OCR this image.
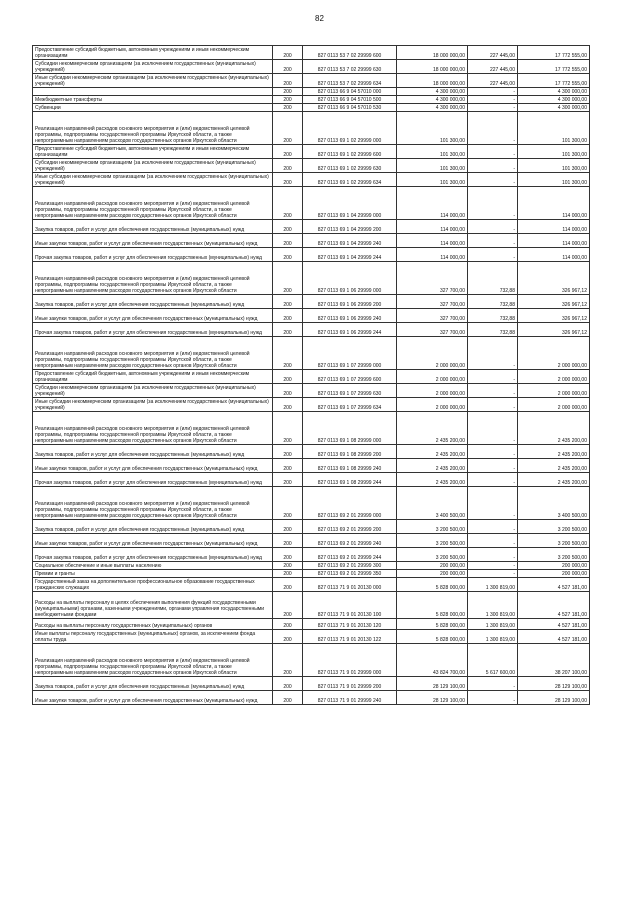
82
Предоставление субсидий бюджетным, автономным учреждениям и иным некоммерческим организациям	200	827 0113 53 7 02 29999 600	18 000 000,00	227 445,00	17 772 555,00
Субсидии некоммерческим организациям (за исключением государственных (муниципальных) учреждений)	200	827 0113 53 7 02 29999 630	18 000 000,00	227 445,00	17 772 555,00
Иные субсидии некоммерческим организациям (за исключением государственных (муниципальных) учреждений)	200	827 0113 53 7 02 29999 634	18 000 000,00	227 445,00	17 772 555,00
	200	827 0113 66 9 04 57010 000	4 300 000,00	-	4 300 000,00
Межбюджетные трансферты	200	827 0113 66 9 04 57010 500	4 300 000,00	-	4 300 000,00
Субвенции	200	827 0113 66 9 04 57010 530	4 300 000,00	-	4 300 000,00
Реализация направлений расходов основного мероприятия и (или) ведомственной целевой программы, подпрограммы государственной программы Иркутской области, а также непрограммным направлениям расходов государственных органов Иркутской области	200	827 0113 69 1 02 29999 000	101 300,00	-	101 300,00
Предоставление субсидий бюджетным, автономным учреждениям и иным некоммерческим организациям	200	827 0113 69 1 02 29999 600	101 300,00	-	101 300,00
Субсидии некоммерческим организациям (за исключением государственных (муниципальных) учреждений)	200	827 0113 69 1 02 29999 630	101 300,00	-	101 300,00
Иные субсидии некоммерческим организациям (за исключением государственных (муниципальных) учреждений)	200	827 0113 69 1 02 29999 634	101 300,00	-	101 300,00
Реализация направлений расходов основного мероприятия и (или) ведомственной целевой программы, подпрограммы государственной программы Иркутской области, а также непрограммным направлениям расходов государственных органов Иркутской области	200	827 0113 69 1 04 29999 000	114 000,00	-	114 000,00
Закупка товаров, работ и услуг для обеспечения государственных (муниципальных) нужд	200	827 0113 69 1 04 29999 200	114 000,00	-	114 000,00
Иные закупки товаров, работ и услуг для обеспечения государственных (муниципальных) нужд	200	827 0113 69 1 04 29999 240	114 000,00	-	114 000,00
Прочая закупка товаров, работ и услуг для обеспечения государственных (муниципальных) нужд	200	827 0113 69 1 04 29999 244	114 000,00	-	114 000,00
Реализация направлений расходов основного мероприятия и (или) ведомственной целевой программы, подпрограммы государственной программы Иркутской области, а также непрограммным направлениям расходов государственных органов Иркутской области	200	827 0113 69 1 06 29999 000	327 700,00	732,88	326 967,12
Закупка товаров, работ и услуг для обеспечения государственных (муниципальных) нужд	200	827 0113 69 1 06 29999 200	327 700,00	732,88	326 967,12
Иные закупки товаров, работ и услуг для обеспечения государственных (муниципальных) нужд	200	827 0113 69 1 06 29999 240	327 700,00	732,88	326 967,12
Прочая закупка товаров, работ и услуг для обеспечения государственных (муниципальных) нужд	200	827 0113 69 1 06 29999 244	327 700,00	732,88	326 967,12
Реализация направлений расходов основного мероприятия и (или) ведомственной целевой программы, подпрограммы государственной программы Иркутской области, а также непрограммным направлениям расходов государственных органов Иркутской области	200	827 0113 69 1 07 29999 000	2 000 000,00	-	2 000 000,00
Предоставление субсидий бюджетным, автономным учреждениям и иным некоммерческим организациям	200	827 0113 69 1 07 29999 600	2 000 000,00	-	2 000 000,00
Субсидии некоммерческим организациям (за исключением государственных (муниципальных) учреждений)	200	827 0113 69 1 07 29999 630	2 000 000,00	-	2 000 000,00
Иные субсидии некоммерческим организациям (за исключением государственных (муниципальных) учреждений)	200	827 0113 69 1 07 29999 634	2 000 000,00	-	2 000 000,00
Реализация направлений расходов основного мероприятия и (или) ведомственной целевой программы, подпрограммы государственной программы Иркутской области, а также непрограммным направлениям расходов государственных органов Иркутской области	200	827 0113 69 1 08 29999 000	2 435 200,00	-	2 435 200,00
Закупка товаров, работ и услуг для обеспечения государственных (муниципальных) нужд	200	827 0113 69 1 08 29999 200	2 435 200,00	-	2 435 200,00
Иные закупки товаров, работ и услуг для обеспечения государственных (муниципальных) нужд	200	827 0113 69 1 08 29999 240	2 435 200,00	-	2 435 200,00
Прочая закупка товаров, работ и услуг для обеспечения государственных (муниципальных) нужд	200	827 0113 69 1 08 29999 244	2 435 200,00	-	2 435 200,00
Реализация направлений расходов основного мероприятия и (или) ведомственной целевой программы, подпрограммы государственной программы Иркутской области, а также непрограммным направлениям расходов государственных органов Иркутской области	200	827 0113 69 2 01 29999 000	3 400 500,00	-	3 400 500,00
Закупка товаров, работ и услуг для обеспечения государственных (муниципальных) нужд	200	827 0113 69 2 01 29999 200	3 200 500,00	-	3 200 500,00
Иные закупки товаров, работ и услуг для обеспечения государственных (муниципальных) нужд	200	827 0113 69 2 01 29999 240	3 200 500,00	-	3 200 500,00
Прочая закупка товаров, работ и услуг для обеспечения государственных (муниципальных) нужд	200	827 0113 69 2 01 29999 244	3 200 500,00	-	3 200 500,00
Социальное обеспечение и иные выплаты населению	200	827 0113 69 2 01 29999 300	200 000,00	-	200 000,00
Премии и гранты	200	827 0113 69 2 01 29999 350	200 000,00	-	200 000,00
Государственный заказ на дополнительное профессиональное образование государственных гражданских служащих	200	827 0113 71 9 01 20130 000	5 828 000,00	1 300 819,00	4 527 181,00
Расходы на выплаты персоналу в целях обеспечения выполнения функций государственными (муниципальными) органами, казенными учреждениями, органами управления государственными внебюджетными фондами	200	827 0113 71 9 01 20130 100	5 828 000,00	1 300 819,00	4 527 181,00
Расходы на выплаты персоналу государственных (муниципальных) органов	200	827 0113 71 9 01 20130 120	5 828 000,00	1 300 819,00	4 527 181,00
Иные выплаты персоналу государственных (муниципальных) органов, за исключением фонда оплаты труда	200	827 0113 71 9 01 20130 122	5 828 000,00	1 300 819,00	4 527 181,00
Реализация направлений расходов основного мероприятия и (или) ведомственной целевой программы, подпрограммы государственной программы Иркутской области, а также непрограммным направлениям расходов государственных органов Иркутской области	200	827 0113 71 9 01 29999 000	43 824 700,00	5 617 600,00	38 207 100,00
Закупка товаров, работ и услуг для обеспечения государственных (муниципальных) нужд	200	827 0113 71 9 01 29999 200	28 129 100,00	-	28 129 100,00
Иные закупки товаров, работ и услуг для обеспечения государственных (муниципальных) нужд	200	827 0113 71 9 01 29999 240	28 129 100,00	-	28 129 100,00
